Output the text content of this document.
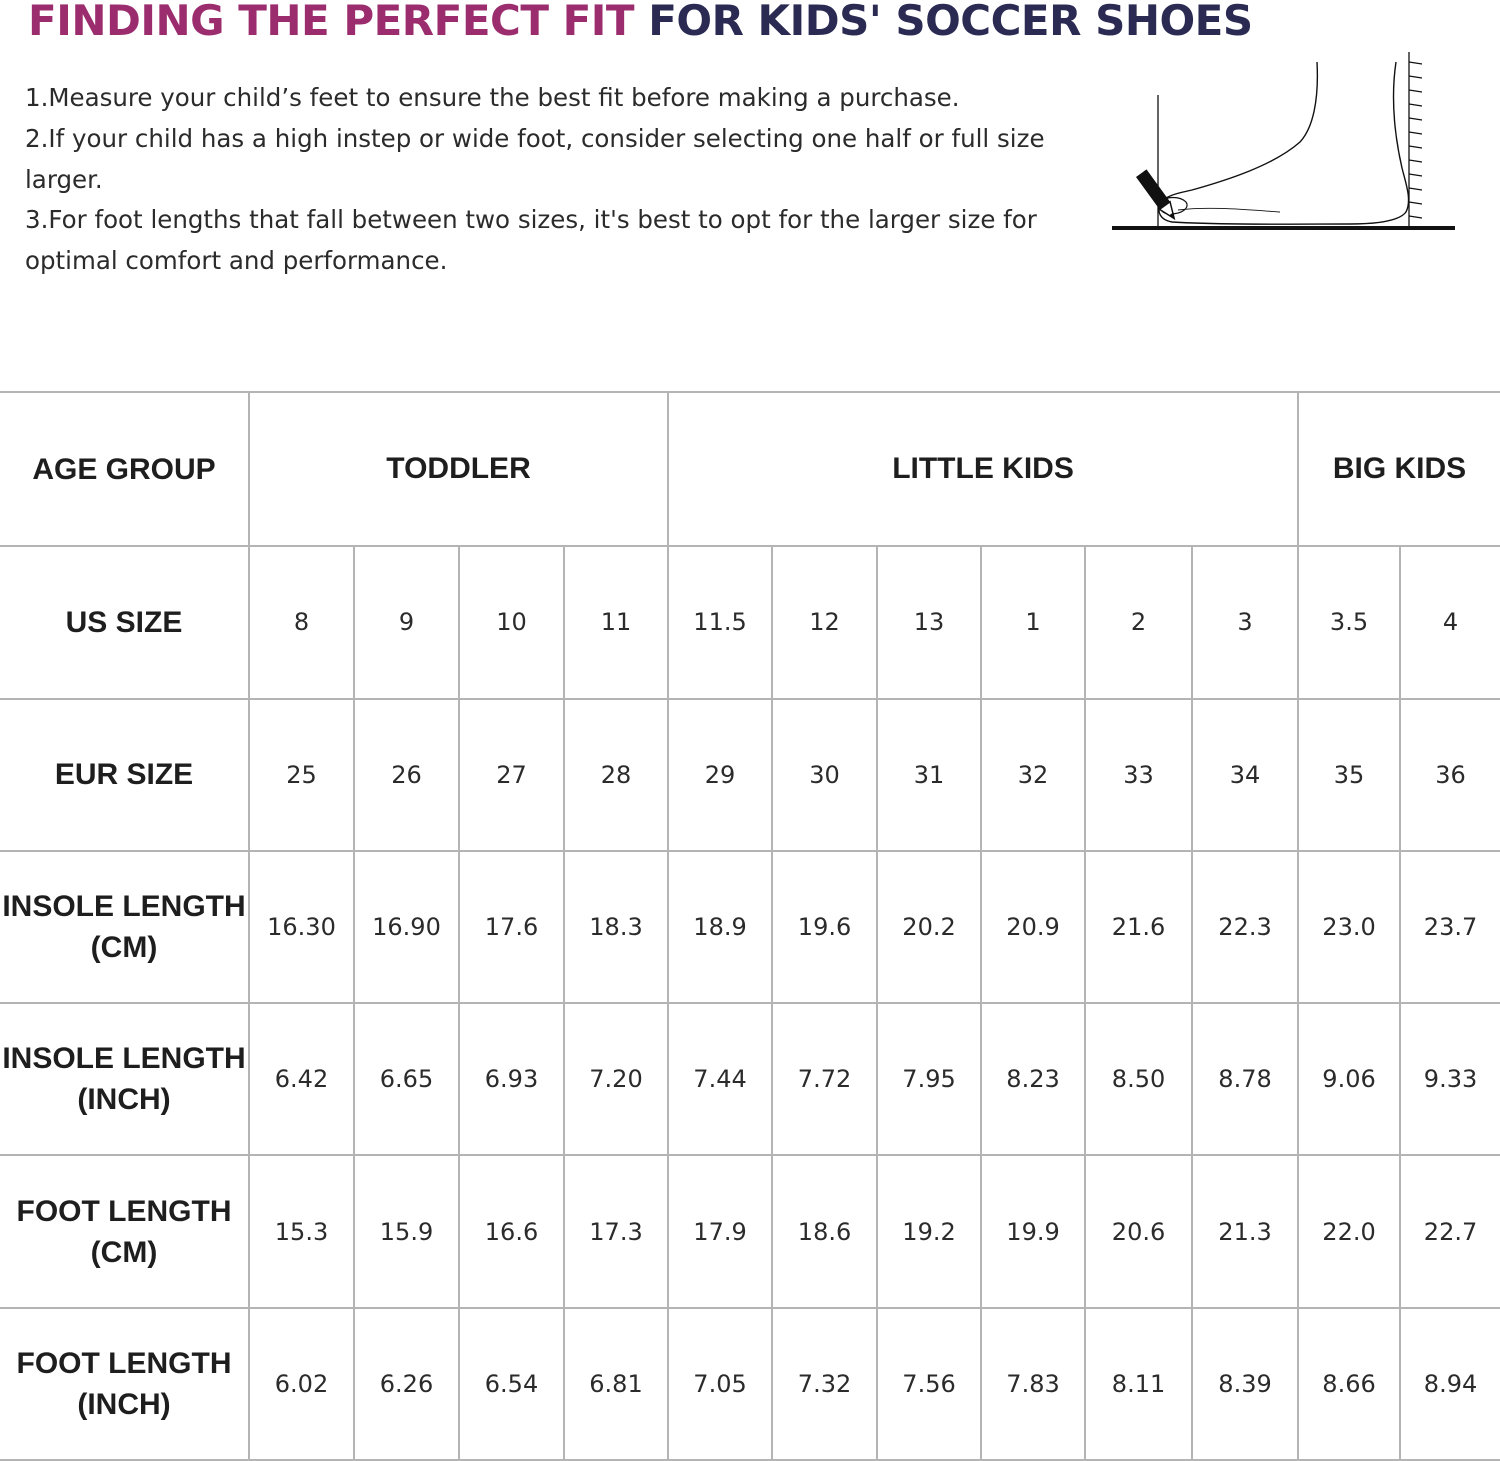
FINDING THE PERFECT FIT FOR KIDS' SOCCER SHOES

1.Measure your child’s feet to ensure the best fit before making a purchase.

2.If your child has a high instep or wide foot, consider selecting one half or full size larger.

3.For foot lengths that fall between two sizes, it's best to opt for the larger size for optimal comfort and performance.

AGE GROUP	TODDLER				LITTLE KIDS						BIG KIDS	
US SIZE	8	9	10	11	11.5	12	13	1	2	3	3.5	4
EUR SIZE	25	26	27	28	29	30	31	32	33	34	35	36
INSOLE LENGTH
(CM)	16.30	16.90	17.6	18.3	18.9	19.6	20.2	20.9	21.6	22.3	23.0	23.7
INSOLE LENGTH
(INCH)	6.42	6.65	6.93	7.20	7.44	7.72	7.95	8.23	8.50	8.78	9.06	9.33
FOOT LENGTH
(CM)	15.3	15.9	16.6	17.3	17.9	18.6	19.2	19.9	20.6	21.3	22.0	22.7
FOOT LENGTH
(INCH)	6.02	6.26	6.54	6.81	7.05	7.32	7.56	7.83	8.11	8.39	8.66	8.94
